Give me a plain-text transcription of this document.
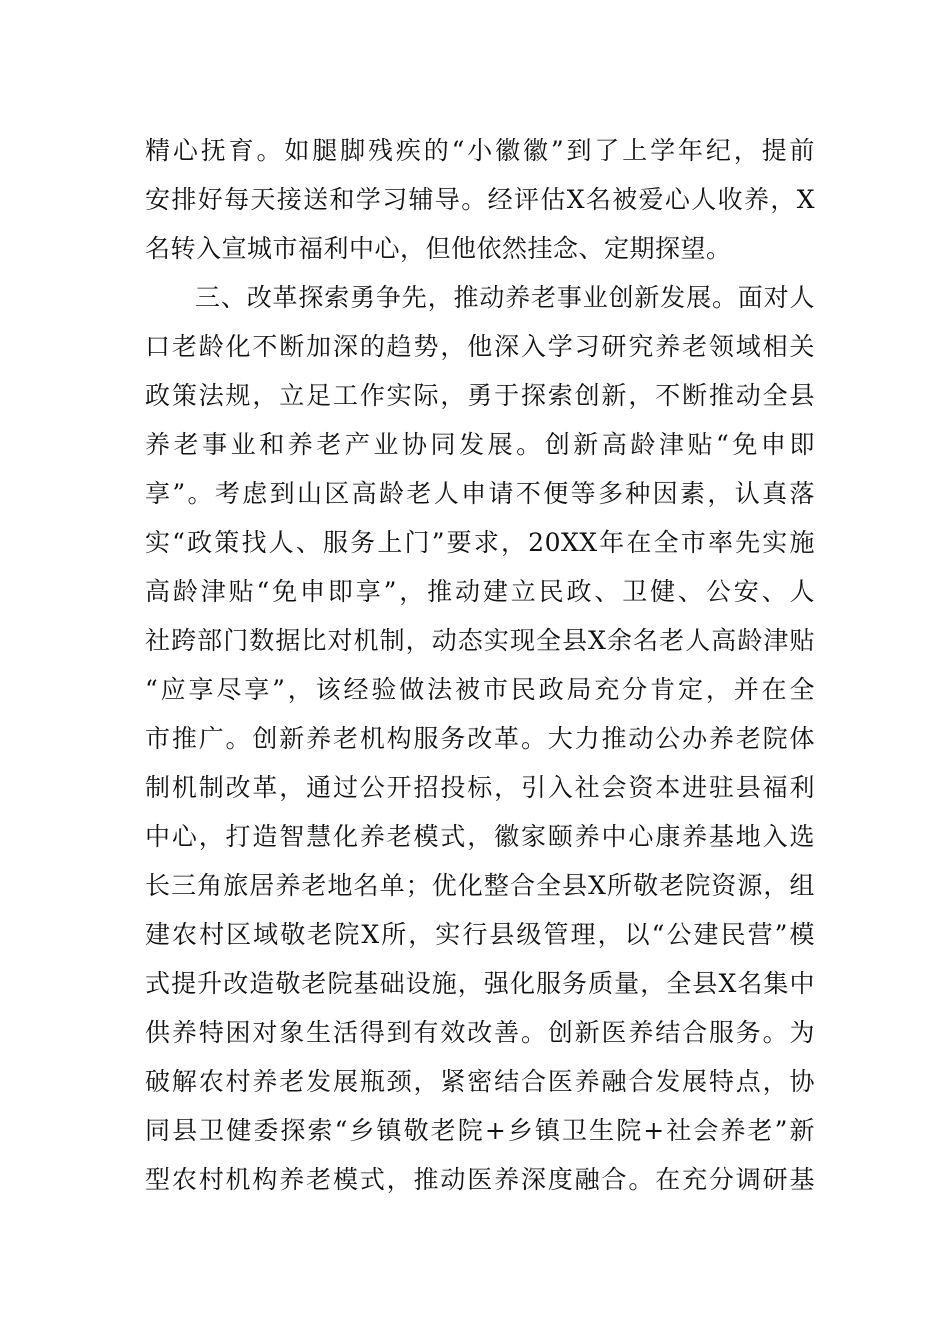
精心抚育。如腿脚残疾的“小徽徽”到了上学年纪，提前
安排好每天接送和学习辅导。经评估X名被爱心人收养，X
名转入宣城市福利中心，但他依然挂念、定期探望。
三、改革探索勇争先，推动养老事业创新发展。面对人
口老龄化不断加深的趋势，他深入学习研究养老领域相关
政策法规，立足工作实际，勇于探索创新，不断推动全县
养老事业和养老产业协同发展。创新高龄津贴“免申即
享”。考虑到山区高龄老人申请不便等多种因素，认真落
实“政策找人、服务上门”要求，20XX年在全市率先实施
高龄津贴“免申即享”，推动建立民政、卫健、公安、人
社跨部门数据比对机制，动态实现全县X余名老人高龄津贴
“应享尽享”，该经验做法被市民政局充分肯定，并在全
市推广。创新养老机构服务改革。大力推动公办养老院体
制机制改革，通过公开招投标，引入社会资本进驻县福利
中心，打造智慧化养老模式，徽家颐养中心康养基地入选
长三角旅居养老地名单；优化整合全县X所敬老院资源，组
建农村区域敬老院X所，实行县级管理，以“公建民营”模
式提升改造敬老院基础设施，强化服务质量，全县X名集中
供养特困对象生活得到有效改善。创新医养结合服务。为
破解农村养老发展瓶颈，紧密结合医养融合发展特点，协
同县卫健委探索“乡镇敬老院+乡镇卫生院+社会养老”新
型农村机构养老模式，推动医养深度融合。在充分调研基
